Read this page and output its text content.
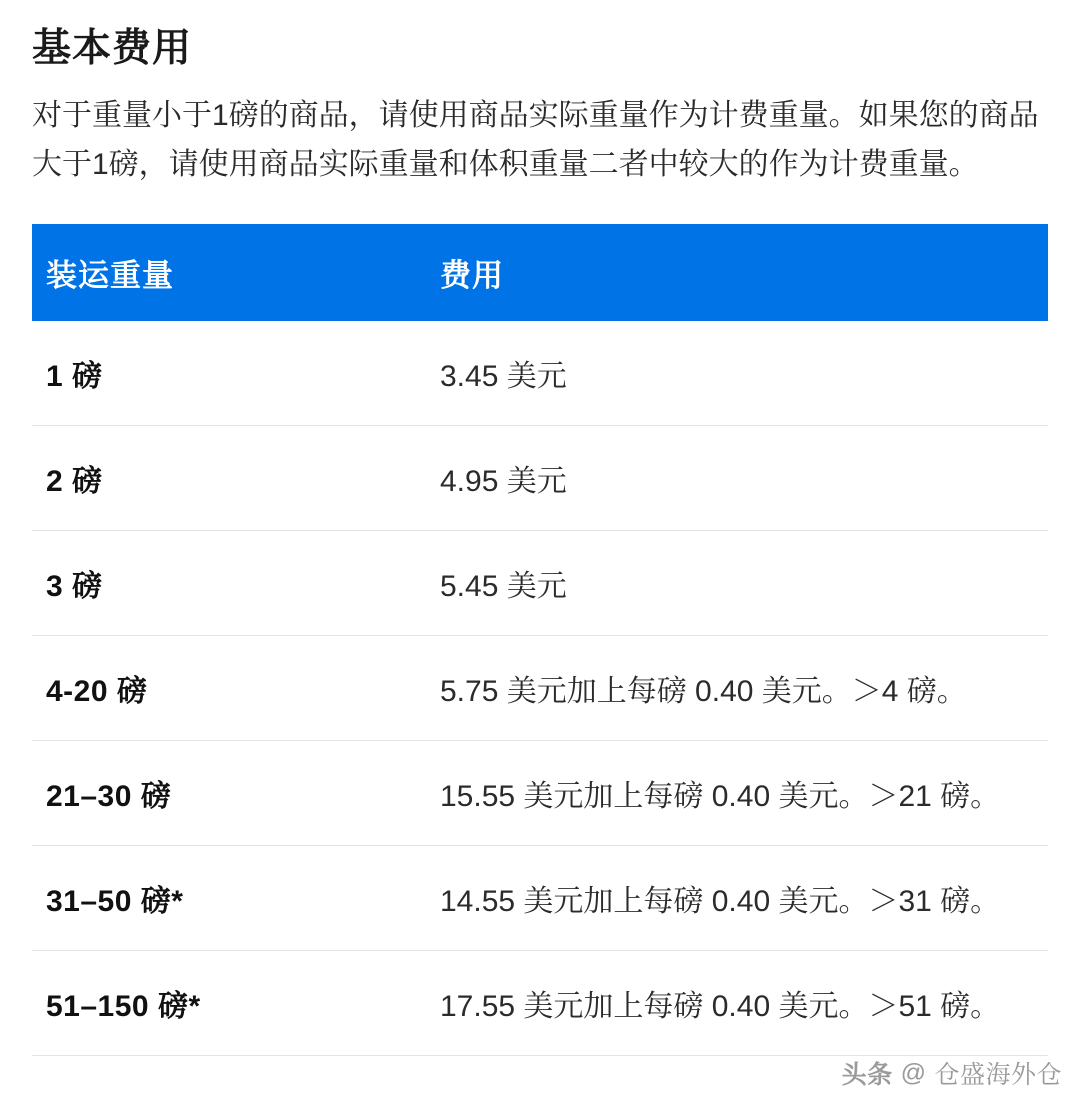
基本费用

对于重量小于1磅的商品，请使用商品实际重量作为计费重量。如果您的商品大于1磅，请使用商品实际重量和体积重量二者中较大的作为计费重量。

装运重量	费用
1 磅	3.45 美元
2 磅	4.95 美元
3 磅	5.45 美元
4-20 磅	5.75 美元加上每磅 0.40 美元。＞4 磅。
21–30 磅	15.55 美元加上每磅 0.40 美元。＞21 磅。
31–50 磅*	14.55 美元加上每磅 0.40 美元。＞31 磅。
51–150 磅*	17.55 美元加上每磅 0.40 美元。＞51 磅。
头条 @ 仓盛海外仓
